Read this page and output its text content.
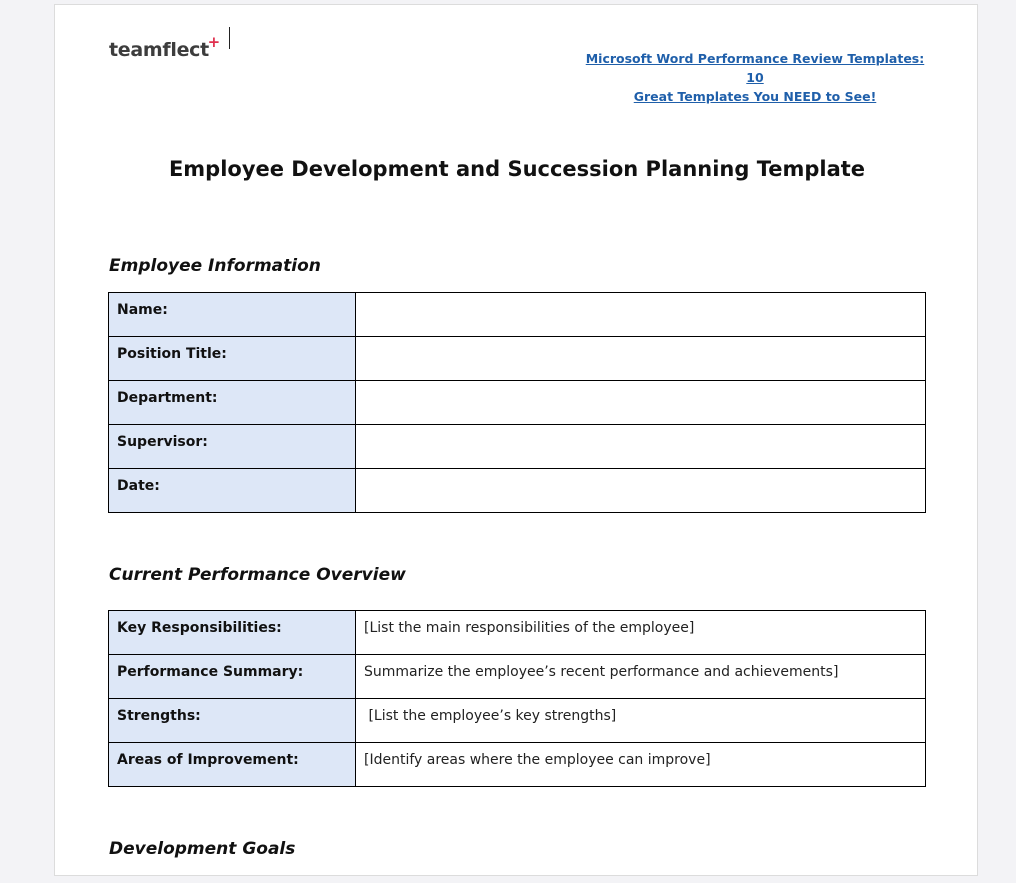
teamflect
+
Microsoft Word Performance Review Templates: 10
Great Templates You NEED to See!
Employee Development and Succession Planning Template
Employee Information
Name:	
Position Title:	
Department:	
Supervisor:	
Date:	
Current Performance Overview
Key Responsibilities:	[List the main responsibilities of the employee]
Performance Summary:	Summarize the employee’s recent performance and achievements]
Strengths:	[List the employee’s key strengths]
Areas of Improvement:	[Identify areas where the employee can improve]
Development Goals
